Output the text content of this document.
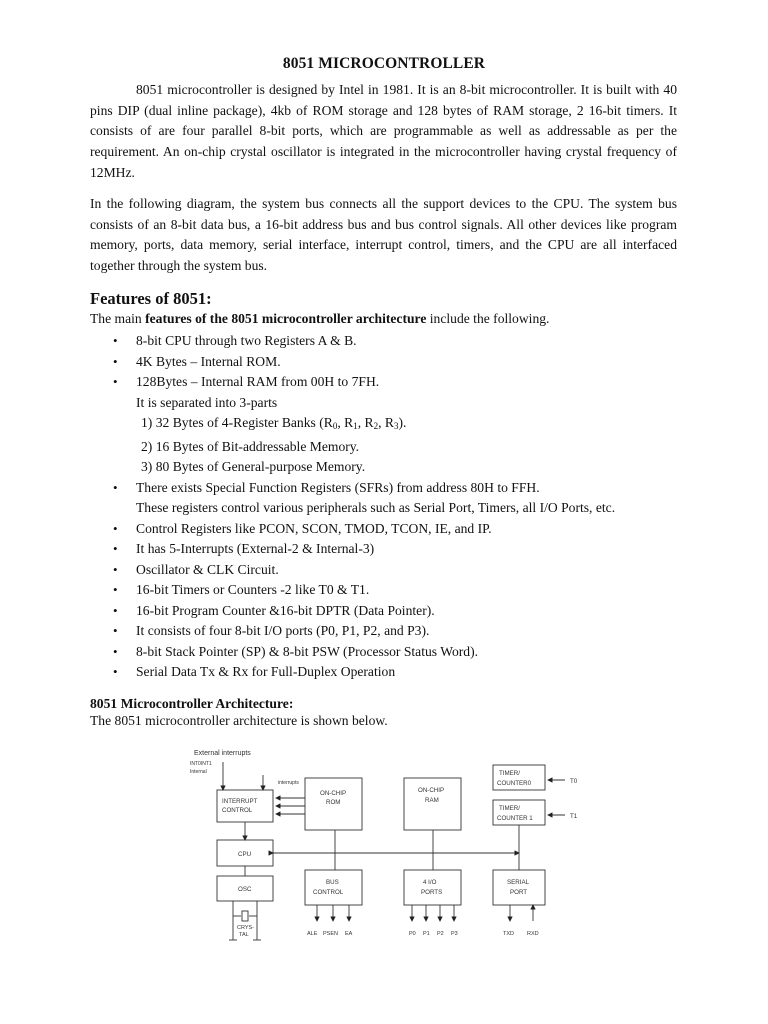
8051 MICROCONTROLLER

8051 microcontroller is designed by Intel in 1981. It is an 8-bit microcontroller. It is built with 40 pins DIP (dual inline package), 4kb of ROM storage and 128 bytes of RAM storage, 2 16-bit timers. It consists of are four parallel 8-bit ports, which are programmable as well as addressable as per the requirement. An on-chip crystal oscillator is integrated in the microcontroller having crystal frequency of 12MHz.

In the following diagram, the system bus connects all the support devices to the CPU. The system bus consists of an 8-bit data bus, a 16-bit address bus and bus control signals. All other devices like program memory, ports, data memory, serial interface, interrupt control, timers, and the CPU are all interfaced together through the system bus.

Features of 8051:

The main features of the 8051 microcontroller architecture include the following.

• 8-bit CPU through two Registers A & B.
• 4K Bytes – Internal ROM.
• 128Bytes – Internal RAM from 00H to 7FH.
It is separated into 3-parts
1) 32 Bytes of 4-Register Banks ($R_0$, $R_1$, $R_2$, $R_3$).
2) 16 Bytes of Bit-addressable Memory.
3) 80 Bytes of General-purpose Memory.
• There exists Special Function Registers (SFRs) from address 80H to FFH.
These registers control various peripherals such as Serial Port, Timers, all I/O Ports, etc.
• Control Registers like PCON, SCON, TMOD, TCON, IE, and IP.
• It has 5-Interrupts (External-2 & Internal-3)
• Oscillator & CLK Circuit.
• 16-bit Timers or Counters -2 like T0 & T1.
• 16-bit Program Counter &16-bit DPTR (Data Pointer).
• It consists of four 8-bit I/O ports (P0, P1, P2, and P3).
• 8-bit Stack Pointer (SP) & 8-bit PSW (Processor Status Word).
• Serial Data Tx & Rx for Full-Duplex Operation

8051 Microcontroller Architecture:

The 8051 microcontroller architecture is shown below.

External interrupts
INT0INT1
Internal
interrupts
INTERRUPT
CONTROL
ON-CHIP
ROM
ON-CHIP
RAM
TIMER/
COUNTER0
TIMER/
COUNTER 1
T0
T1
CPU
OSC
BUS
CONTROL
4 I/O
PORTS
SERIAL
PORT
CRYS-
TAL	ALE PSEN EA	P0 P1 P2 P3	TXD RXD
